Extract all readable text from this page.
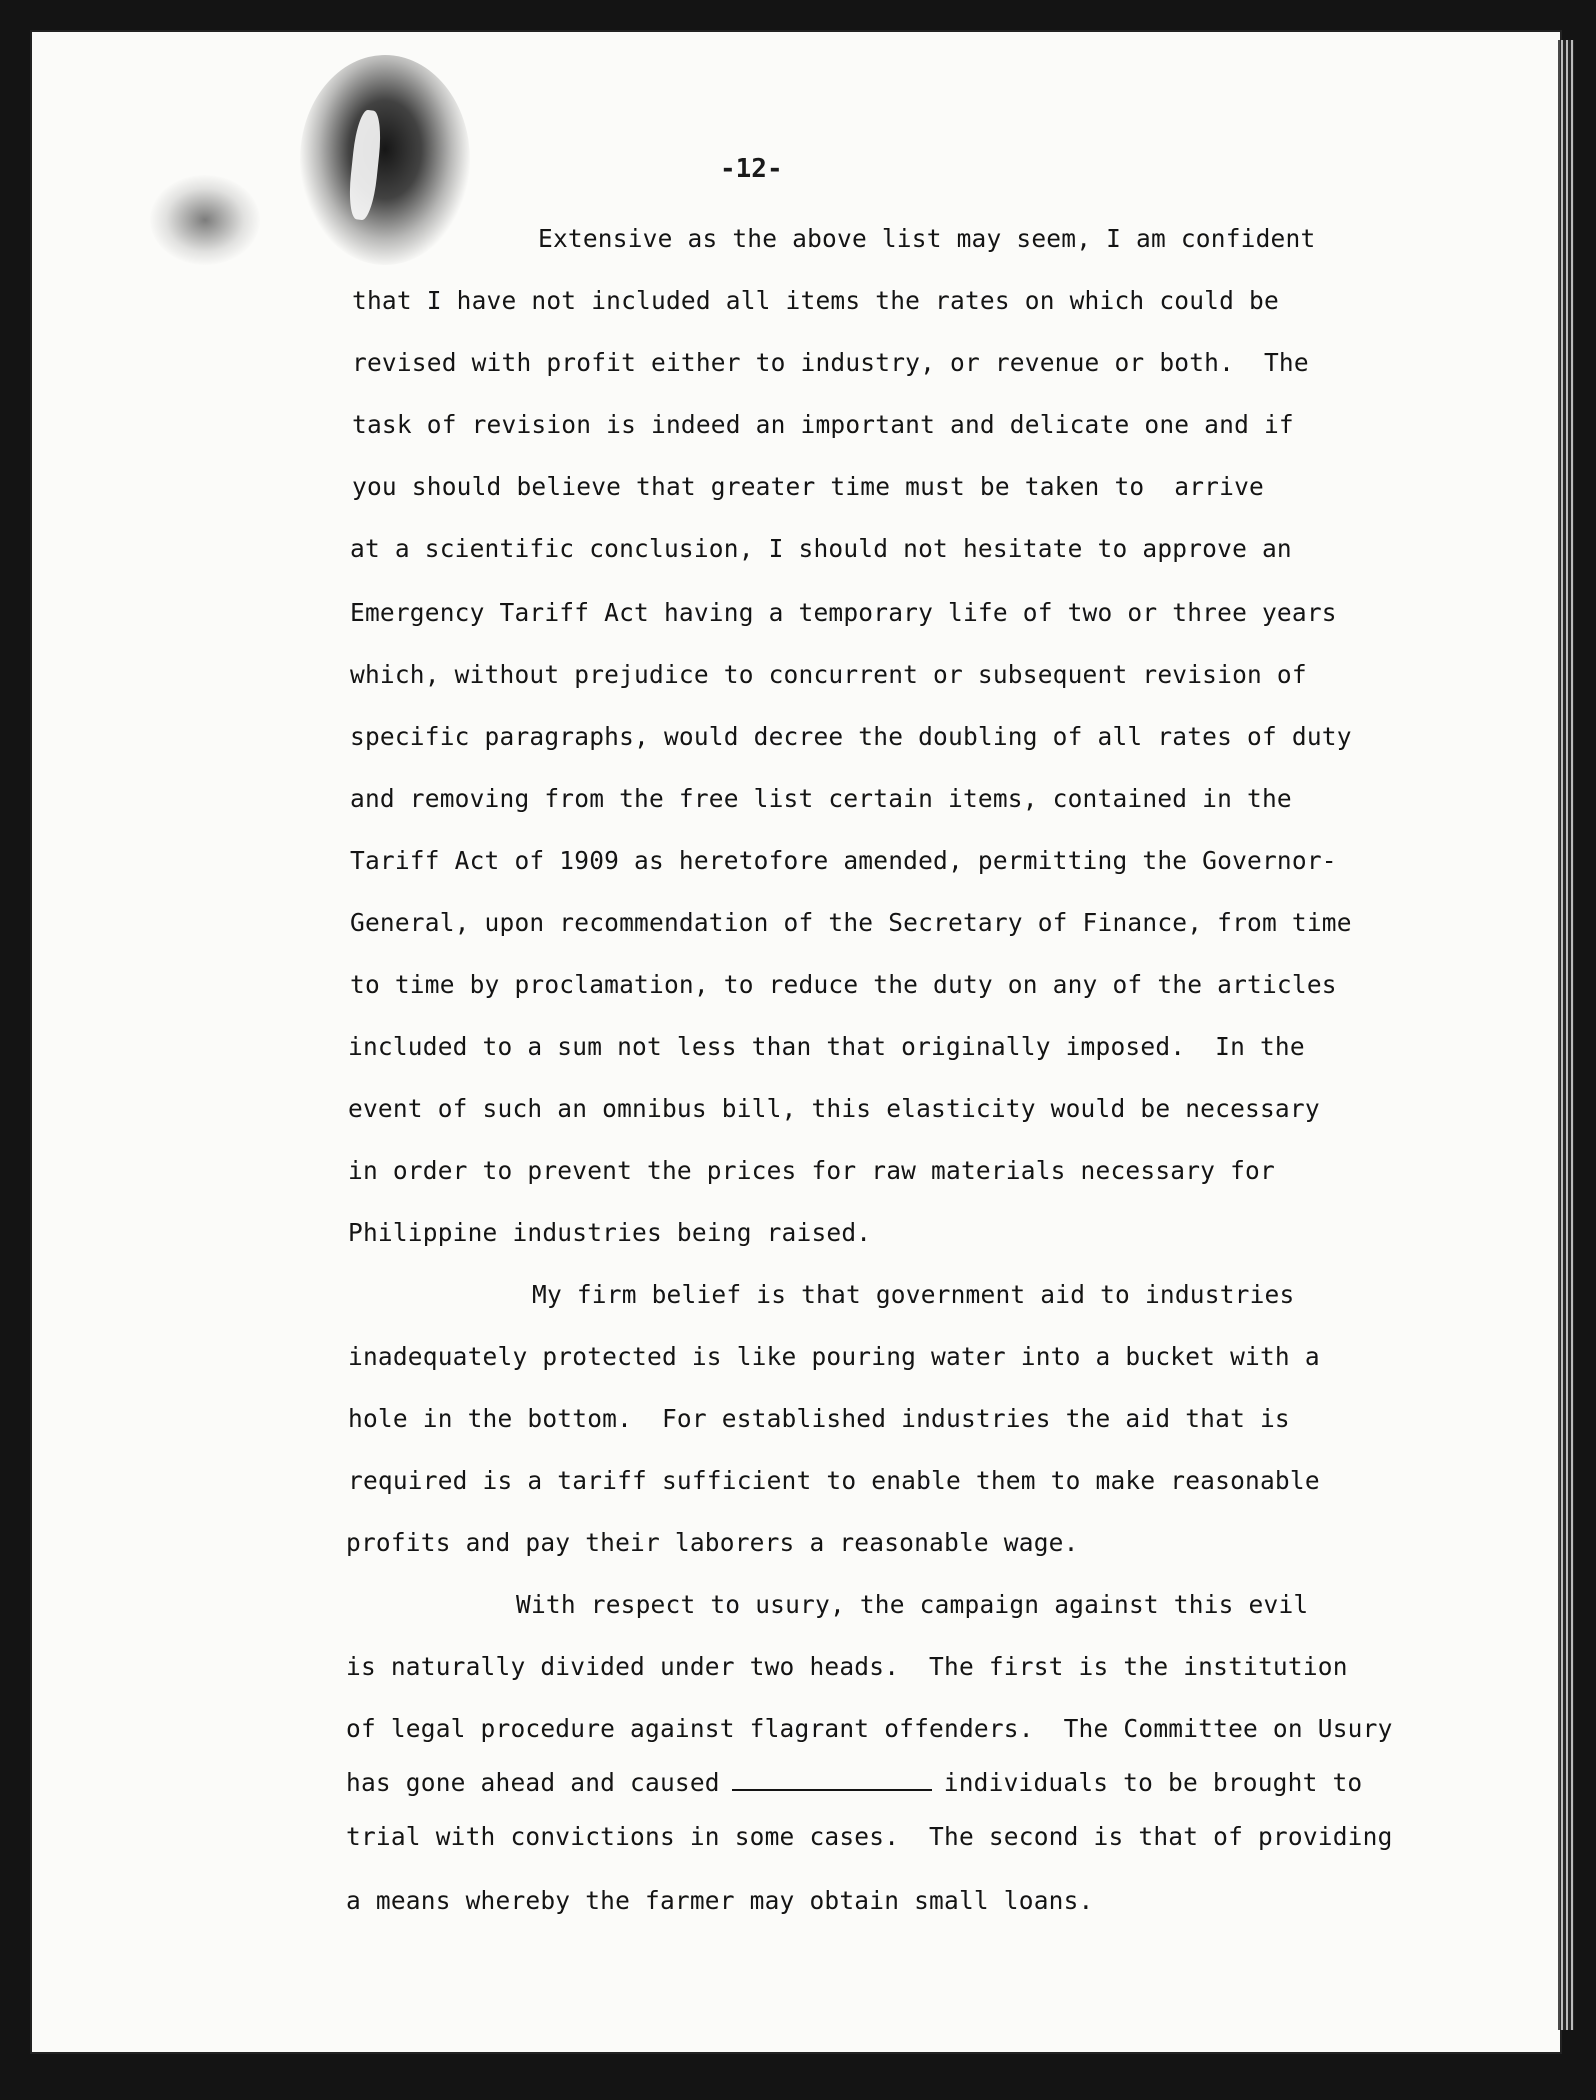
-12-

Extensive as the above list may seem, I am confident

that I have not included all items the rates on which could be

revised with profit either to industry, or revenue or both.  The

task of revision is indeed an important and delicate one and if

you should believe that greater time must be taken to  arrive

at a scientific conclusion, I should not hesitate to approve an

Emergency Tariff Act having a temporary life of two or three years

which, without prejudice to concurrent or subsequent revision of

specific paragraphs, would decree the doubling of all rates of duty

and removing from the free list certain items, contained in the

Tariff Act of 1909 as heretofore amended, permitting the Governor-

General, upon recommendation of the Secretary of Finance, from time

to time by proclamation, to reduce the duty on any of the articles

included to a sum not less than that originally imposed.  In the

event of such an omnibus bill, this elasticity would be necessary

in order to prevent the prices for raw materials necessary for

Philippine industries being raised.

My firm belief is that government aid to industries

inadequately protected is like pouring water into a bucket with a

hole in the bottom.  For established industries the aid that is

required is a tariff sufficient to enable them to make reasonable

profits and pay their laborers a reasonable wage.

With respect to usury, the campaign against this evil

is naturally divided under two heads.  The first is the institution

of legal procedure against flagrant offenders.  The Committee on Usury

has gone ahead and caused	individuals to be brought to

trial with convictions in some cases.  The second is that of providing

a means whereby the farmer may obtain small loans.
